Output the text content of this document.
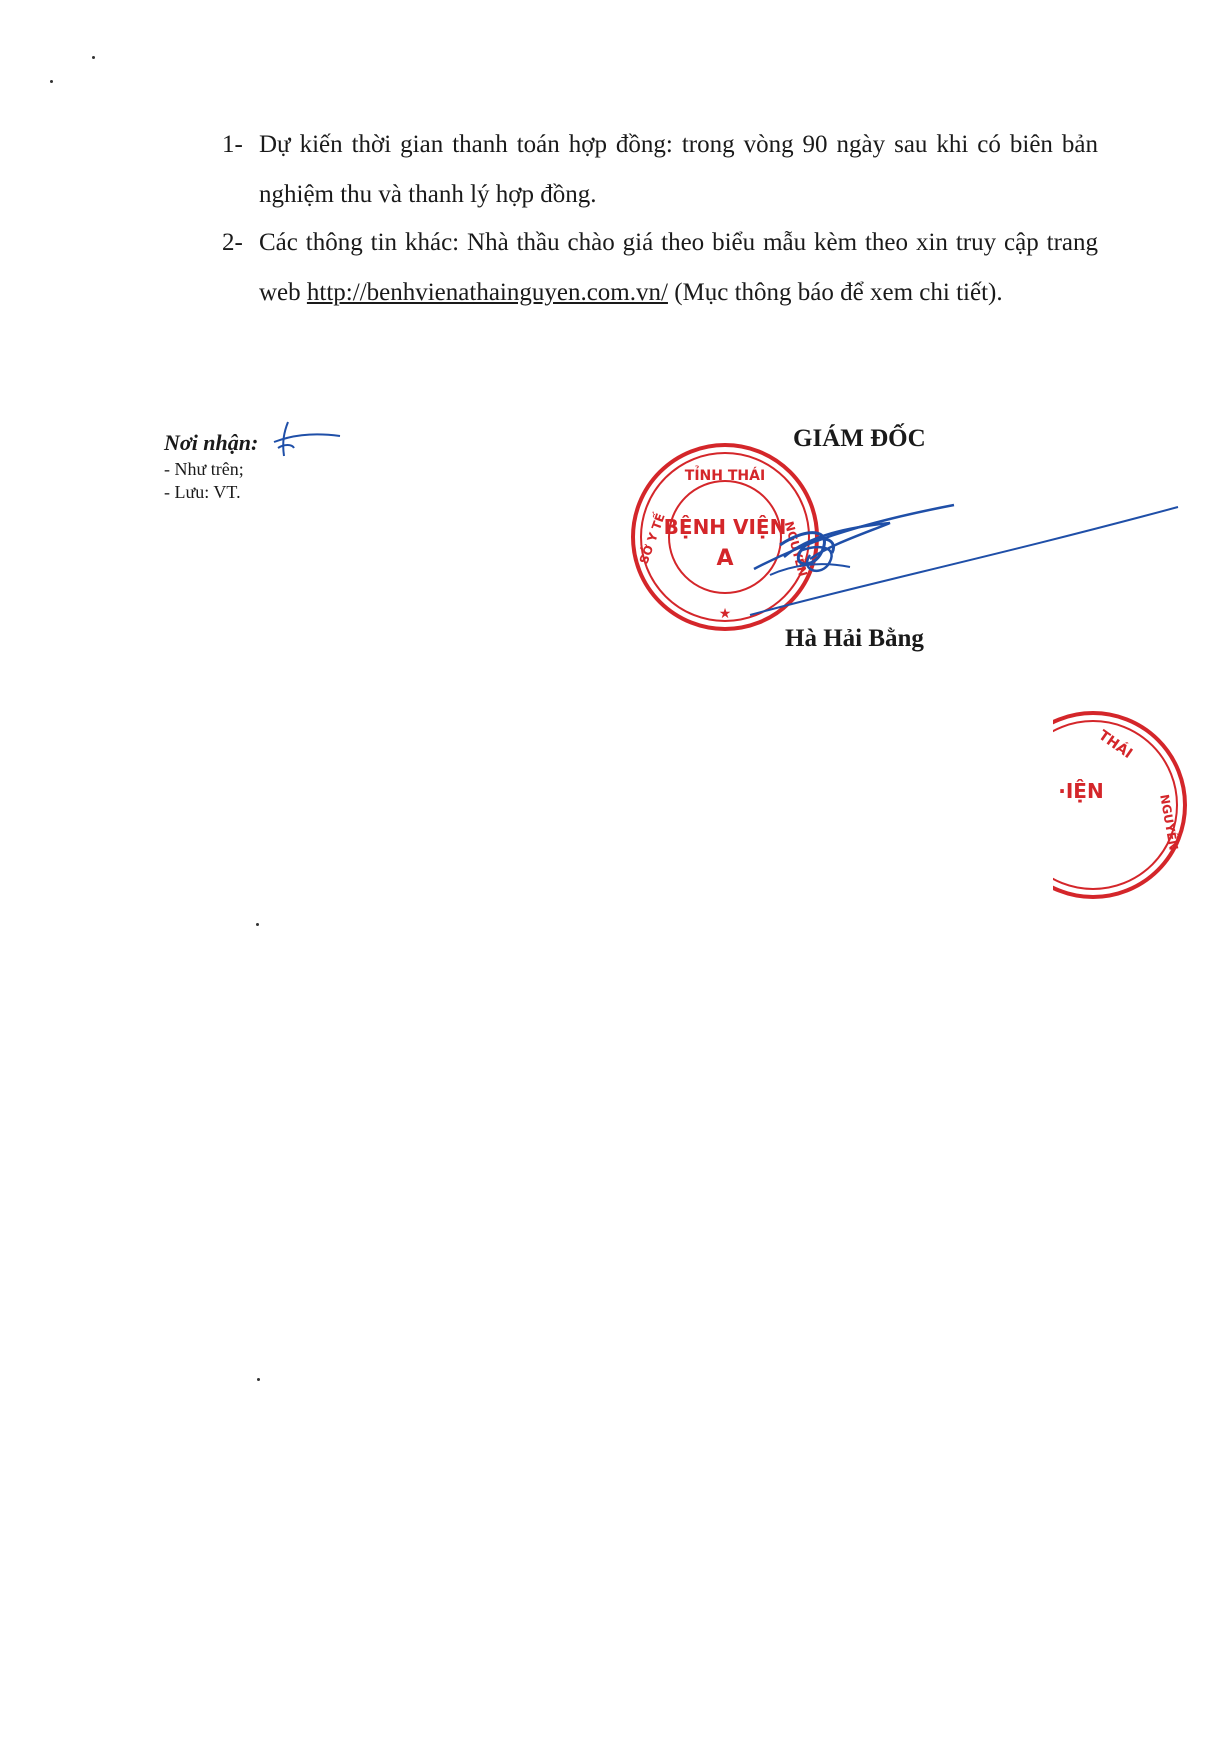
1- Dự kiến thời gian thanh toán hợp đồng: trong vòng 90 ngày sau khi có biên bản nghiệm thu và thanh lý hợp đồng.
2- Các thông tin khác: Nhà thầu chào giá theo biểu mẫu kèm theo xin truy cập trang web http://benhvienathainguyen.com.vn/ (Mục thông báo để xem chi tiết).
Nơi nhận:
- Như trên;
- Lưu: VT.
GIÁM ĐỐC
TỈNH THÁI
SỞ Y TẾ	NGUYÊN
BỆNH VIỆN
A
★
Hà Hải Bằng
THÁI
NGUYÊN
·IỆN
